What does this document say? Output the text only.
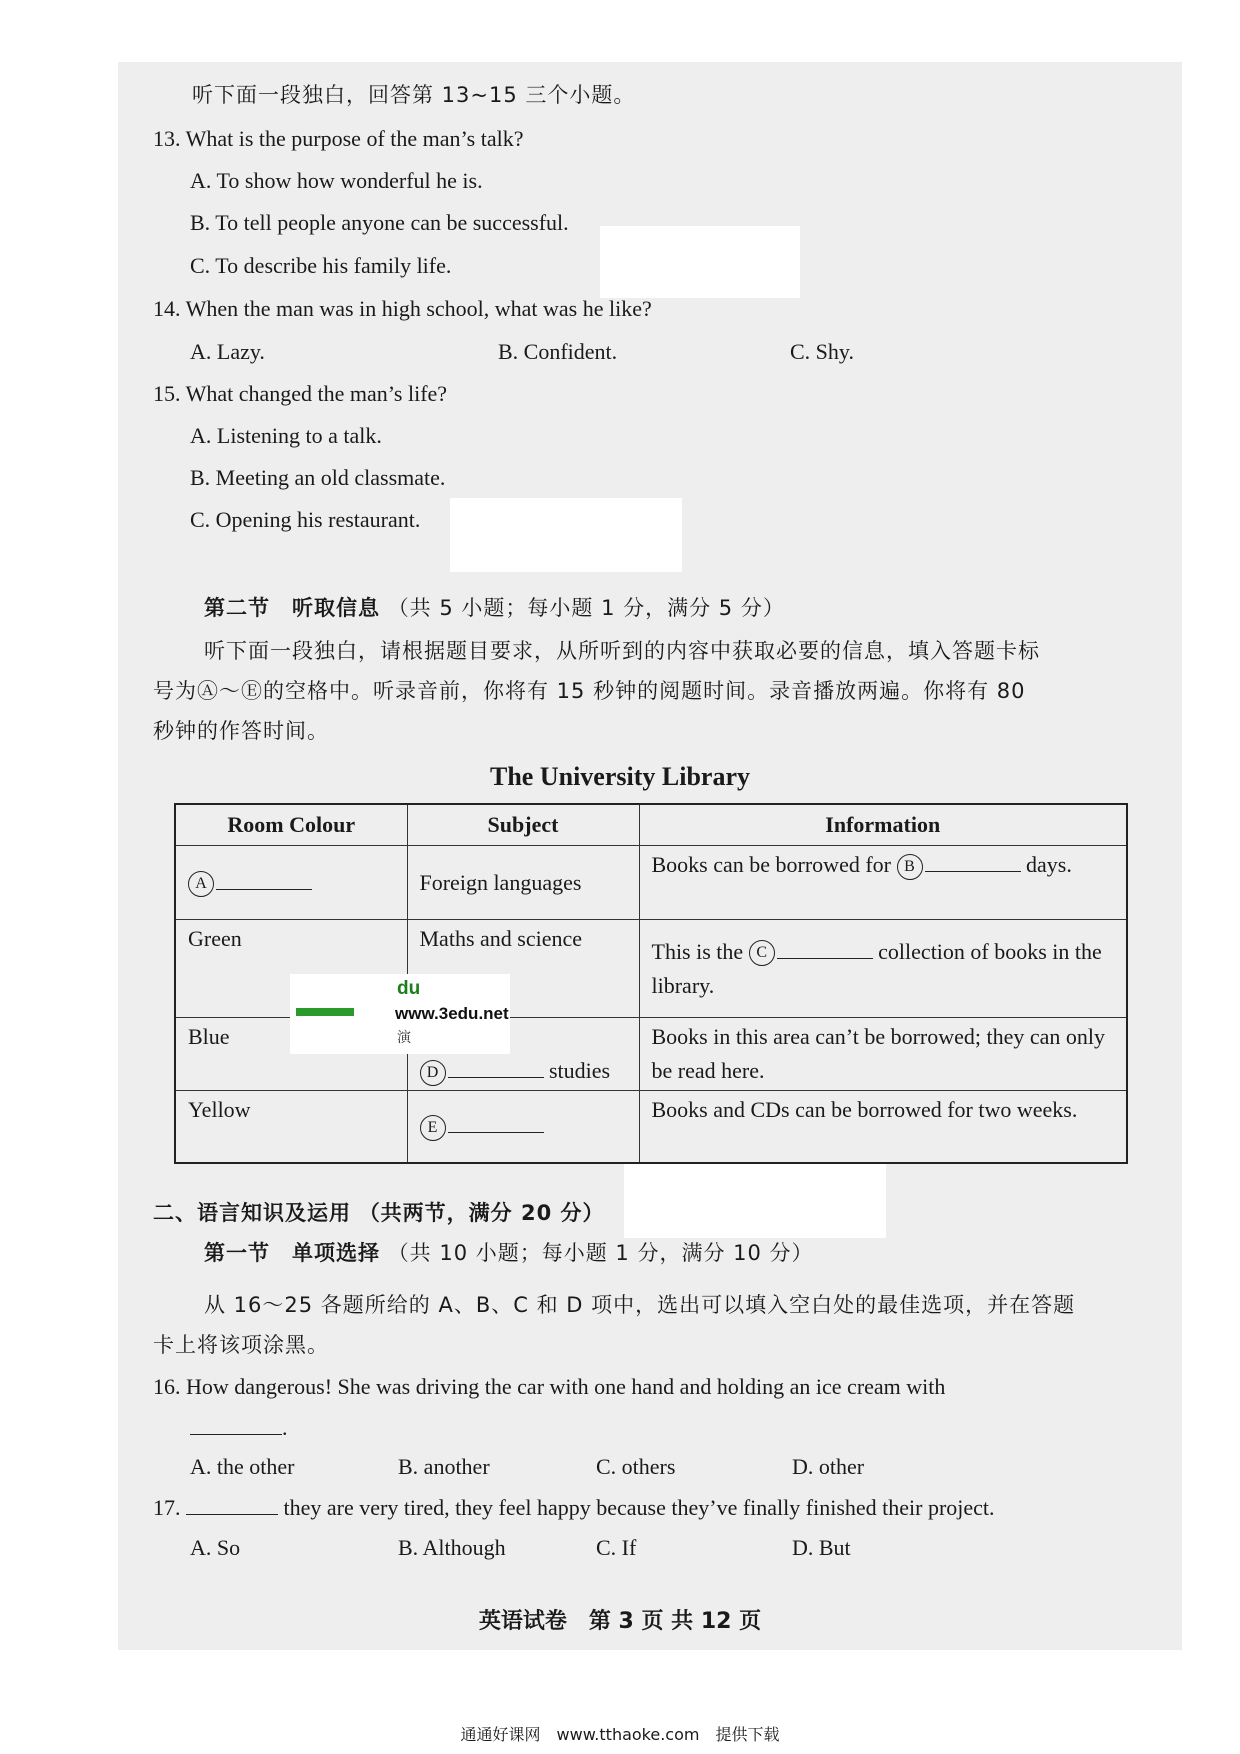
听下面一段独白，回答第 13~15 三个小题。
13. What is the purpose of the man’s talk?
A. To show how wonderful he is.
B. To tell people anyone can be successful.
C. To describe his family life.
14. When the man was in high school, what was he like?
A. Lazy.	B. Confident.	C. Shy.
15. What changed the man’s life?
A. Listening to a talk.
B. Meeting an old classmate.
C. Opening his restaurant.
第二节　听取信息 （共 5 小题；每小题 1 分，满分 5 分）
听下面一段独白，请根据题目要求，从所听到的内容中获取必要的信息，填入答题卡标
号为Ⓐ～Ⓔ的空格中。听录音前，你将有 15 秒钟的阅题时间。录音播放两遍。你将有 80
秒钟的作答时间。
The University Library
Room Colour	Subject	Information
A	Foreign languages	Books can be borrowed for B days.
Green	Maths and science	This is the C collection of books in the library.
Blue	D studies	Books in this area can’t be borrowed; they can only be read here.
Yellow	E	Books and CDs can be borrowed for two weeks.
du
www.3edu.net
演
二、语言知识及运用 （共两节，满分 20 分）
第一节　单项选择 （共 10 小题；每小题 1 分，满分 10 分）
从 16～25 各题所给的 A、B、C 和 D 项中，选出可以填入空白处的最佳选项，并在答题
卡上将该项涂黑。
16. How dangerous! She was driving the car with one hand and holding an ice cream with
.
A. the other	B. another	C. others	D. other
17.	they are very tired, they feel happy because they’ve finally finished their project.
A. So	B. Although	C. If	D. But
英语试卷　第 3 页 共 12 页
通通好课网　www.tthaoke.com　提供下载
